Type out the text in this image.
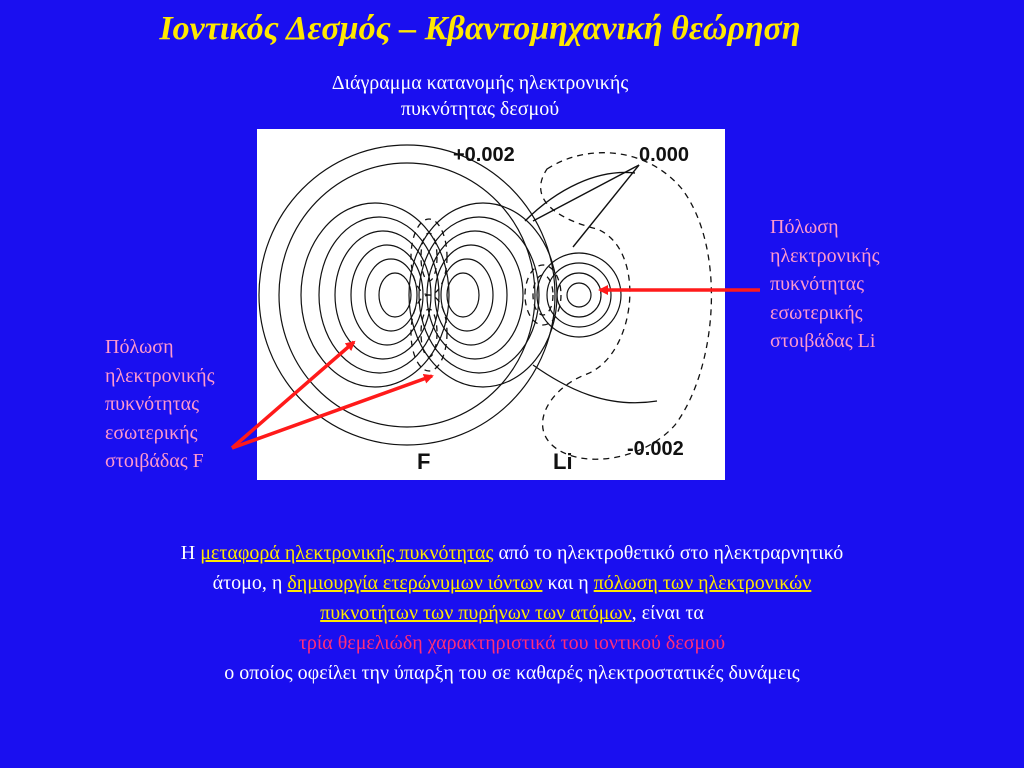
Ιοντικός Δεσμός – Κβαντομηχανική θεώρηση
Διάγραμμα κατανομής ηλεκτρονικής
πυκνότητας δεσμού
+0.002	0.000
-0.002
F	Li
Πόλωση
ηλεκτρονικής
πυκνότητας
εσωτερικής
στοιβάδας F
Πόλωση
ηλεκτρονικής
πυκνότητας
εσωτερικής
στοιβάδας Li
Η μεταφορά ηλεκτρονικής πυκνότητας από το ηλεκτροθετικό στο ηλεκτραρνητικό
άτομο, η δημιουργία ετερώνυμων ιόντων και η πόλωση των ηλεκτρονικών
πυκνοτήτων των πυρήνων των ατόμων, είναι τα
τρία θεμελιώδη χαρακτηριστικά του ιοντικού δεσμού
ο οποίος οφείλει την ύπαρξη του σε καθαρές ηλεκτροστατικές δυνάμεις
